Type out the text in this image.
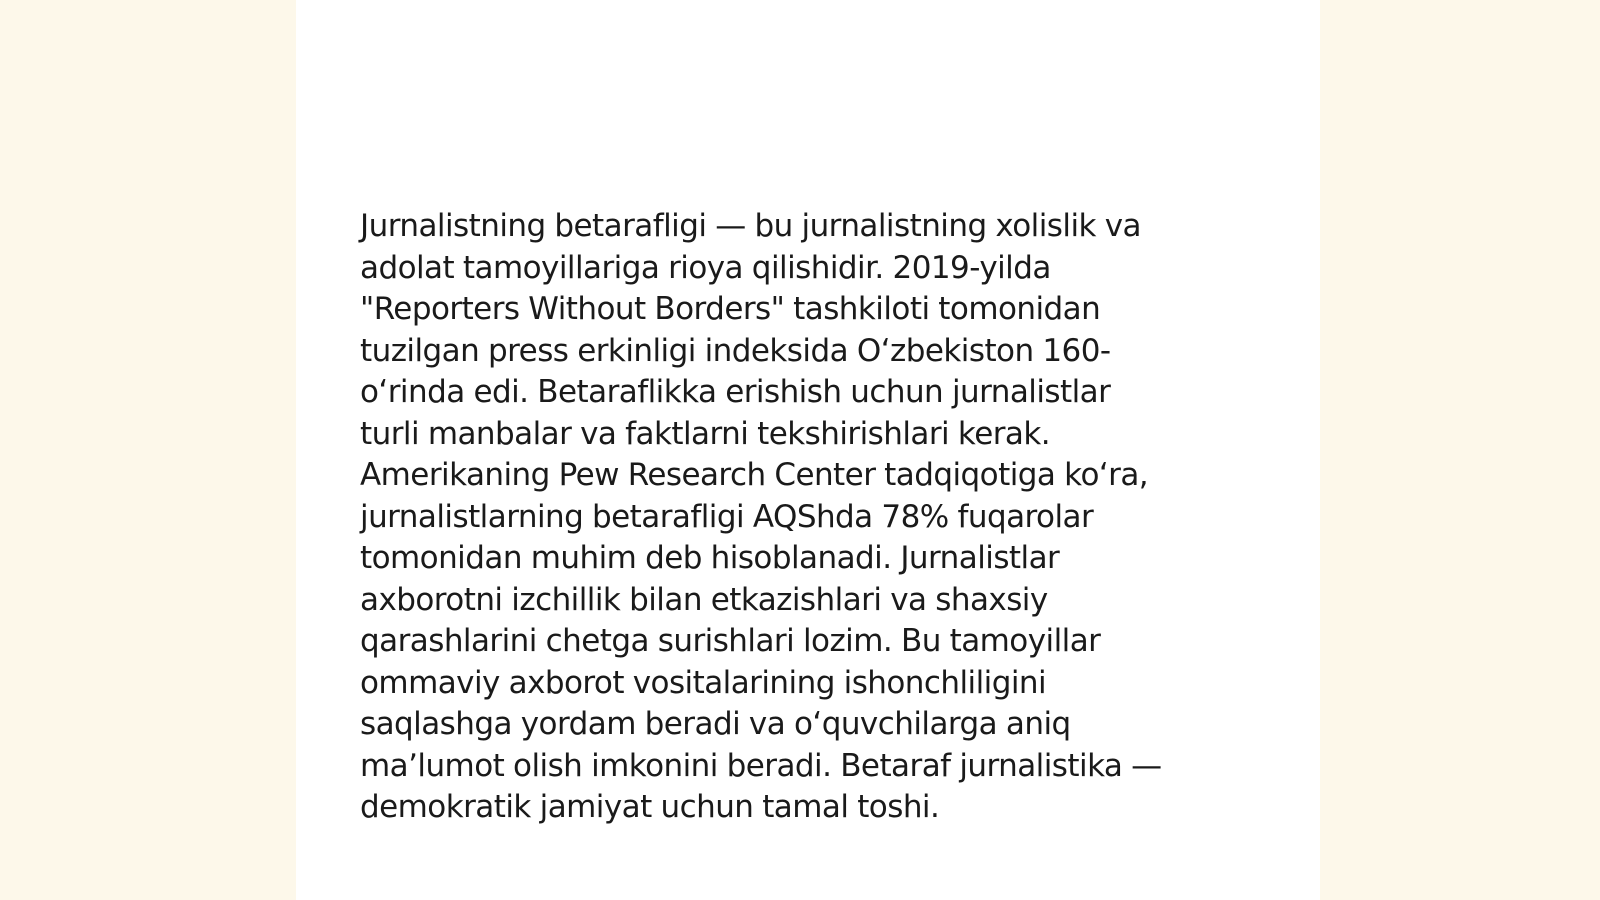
Jurnalistning betarafligi — bu jurnalistning xolislik va
adolat tamoyillariga rioya qilishidir. 2019-yilda
"Reporters Without Borders" tashkiloti tomonidan
tuzilgan press erkinligi indeksida Oʻzbekiston 160-
oʻrinda edi. Betaraflikka erishish uchun jurnalistlar
turli manbalar va faktlarni tekshirishlari kerak.
Amerikaning Pew Research Center tadqiqotiga koʻra,
jurnalistlarning betarafligi AQShda 78% fuqarolar
tomonidan muhim deb hisoblanadi. Jurnalistlar
axborotni izchillik bilan etkazishlari va shaxsiy
qarashlarini chetga surishlari lozim. Bu tamoyillar
ommaviy axborot vositalarining ishonchliligini
saqlashga yordam beradi va oʻquvchilarga aniq
maʼlumot olish imkonini beradi. Betaraf jurnalistika —
demokratik jamiyat uchun tamal toshi.
